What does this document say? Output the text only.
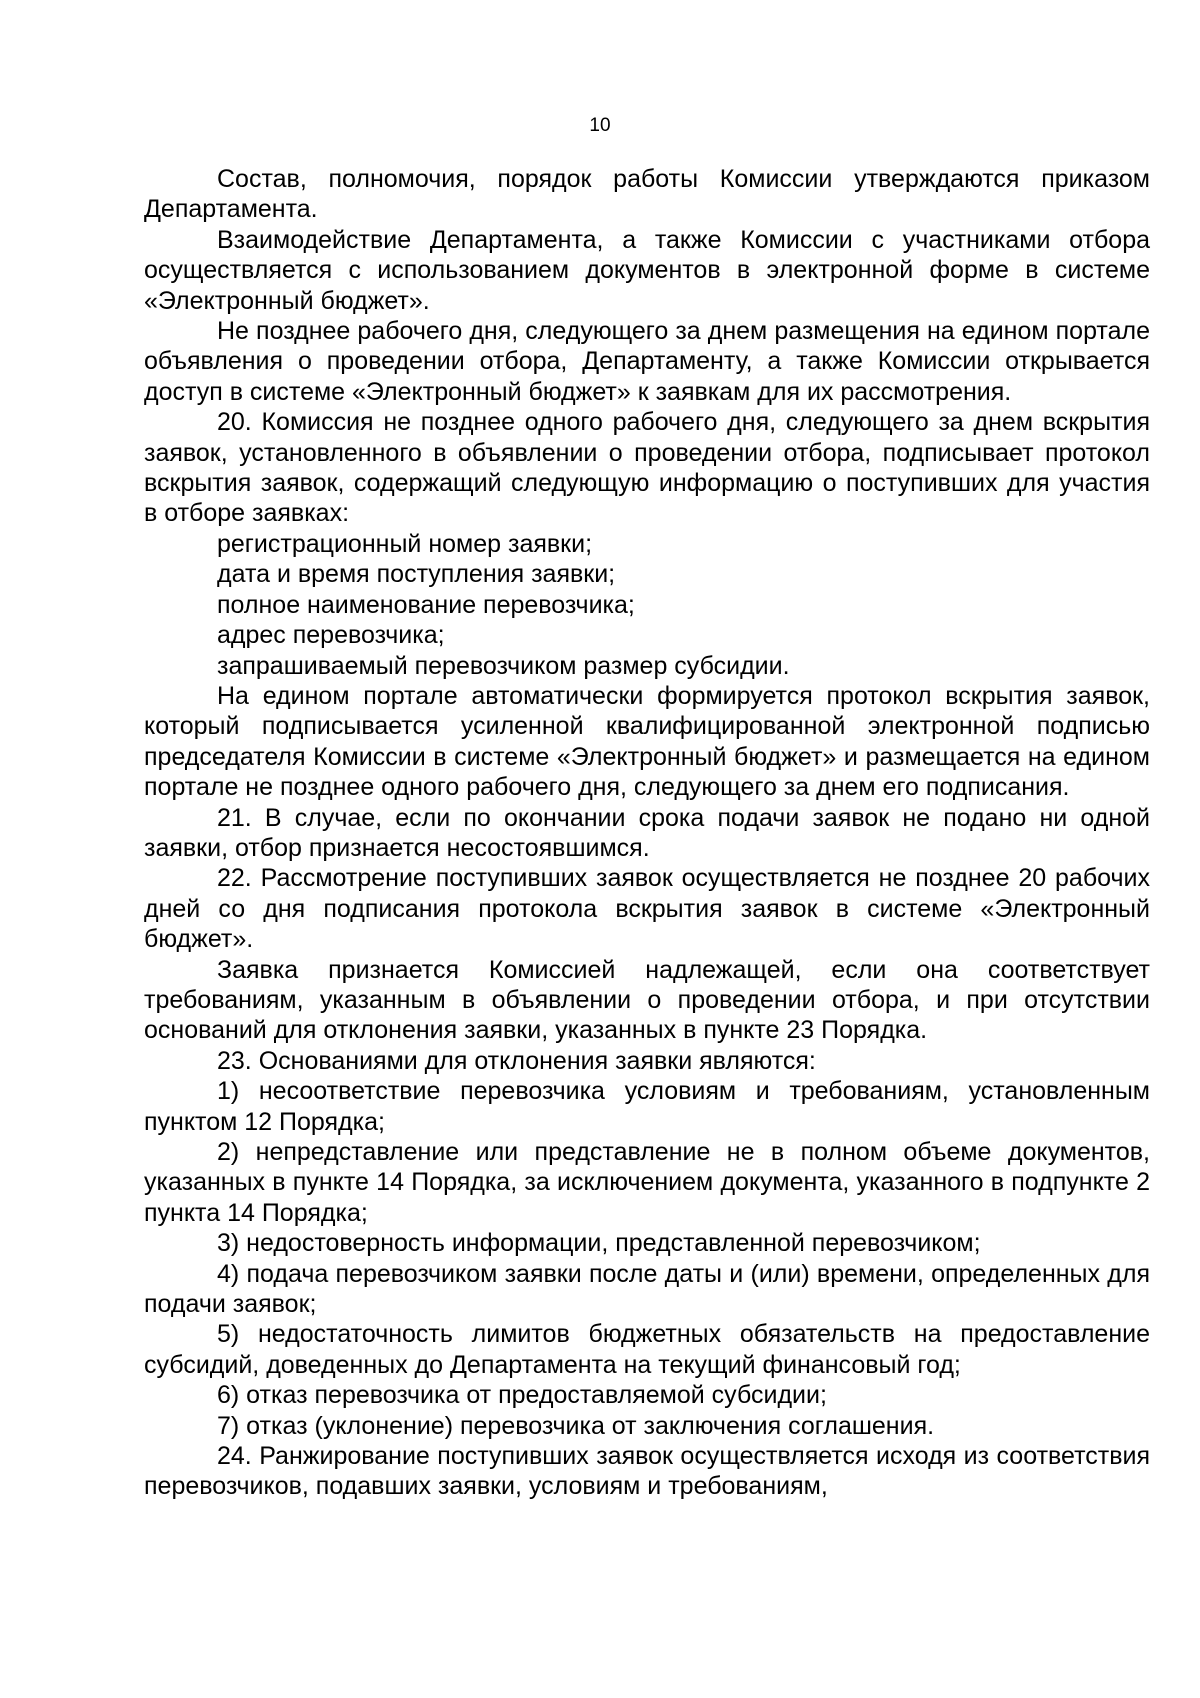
10

Состав, полномочия, порядок работы Комиссии утверждаются приказом Департамента.

Взаимодействие Департамента, а также Комиссии с участниками отбора осуществляется с использованием документов в электронной форме в системе «Электронный бюджет».

Не позднее рабочего дня, следующего за днем размещения на едином портале объявления о проведении отбора, Департаменту, а также Комиссии открывается доступ в системе «Электронный бюджет» к заявкам для их рассмотрения.

20. Комиссия не позднее одного рабочего дня, следующего за днем вскрытия заявок, установленного в объявлении о проведении отбора, подписывает протокол вскрытия заявок, содержащий следующую информацию о поступивших для участия в отборе заявках:

регистрационный номер заявки;

дата и время поступления заявки;

полное наименование перевозчика;

адрес перевозчика;

запрашиваемый перевозчиком размер субсидии.

На едином портале автоматически формируется протокол вскрытия заявок, который подписывается усиленной квалифицированной электронной подписью председателя Комиссии в системе «Электронный бюджет» и размещается на едином портале не позднее одного рабочего дня, следующего за днем его подписания.

21. В случае, если по окончании срока подачи заявок не подано ни одной заявки, отбор признается несостоявшимся.

22. Рассмотрение поступивших заявок осуществляется не позднее 20 рабочих дней со дня подписания протокола вскрытия заявок в системе «Электронный бюджет».

Заявка признается Комиссией надлежащей, если она соответствует требованиям, указанным в объявлении о проведении отбора, и при отсутствии оснований для отклонения заявки, указанных в пункте 23 Порядка.

23. Основаниями для отклонения заявки являются:

1) несоответствие перевозчика условиям и требованиям, установленным пунктом 12 Порядка;

2) непредставление или представление не в полном объеме документов, указанных в пункте 14 Порядка, за исключением документа, указанного в подпункте 2 пункта 14 Порядка;

3) недостоверность информации, представленной перевозчиком;

4) подача перевозчиком заявки после даты и (или) времени, определенных для подачи заявок;

5) недостаточность лимитов бюджетных обязательств на предоставление субсидий, доведенных до Департамента на текущий финансовый год;

6) отказ перевозчика от предоставляемой субсидии;

7) отказ (уклонение) перевозчика от заключения соглашения.

24. Ранжирование поступивших заявок осуществляется исходя из соответствия перевозчиков, подавших заявки, условиям и требованиям,
